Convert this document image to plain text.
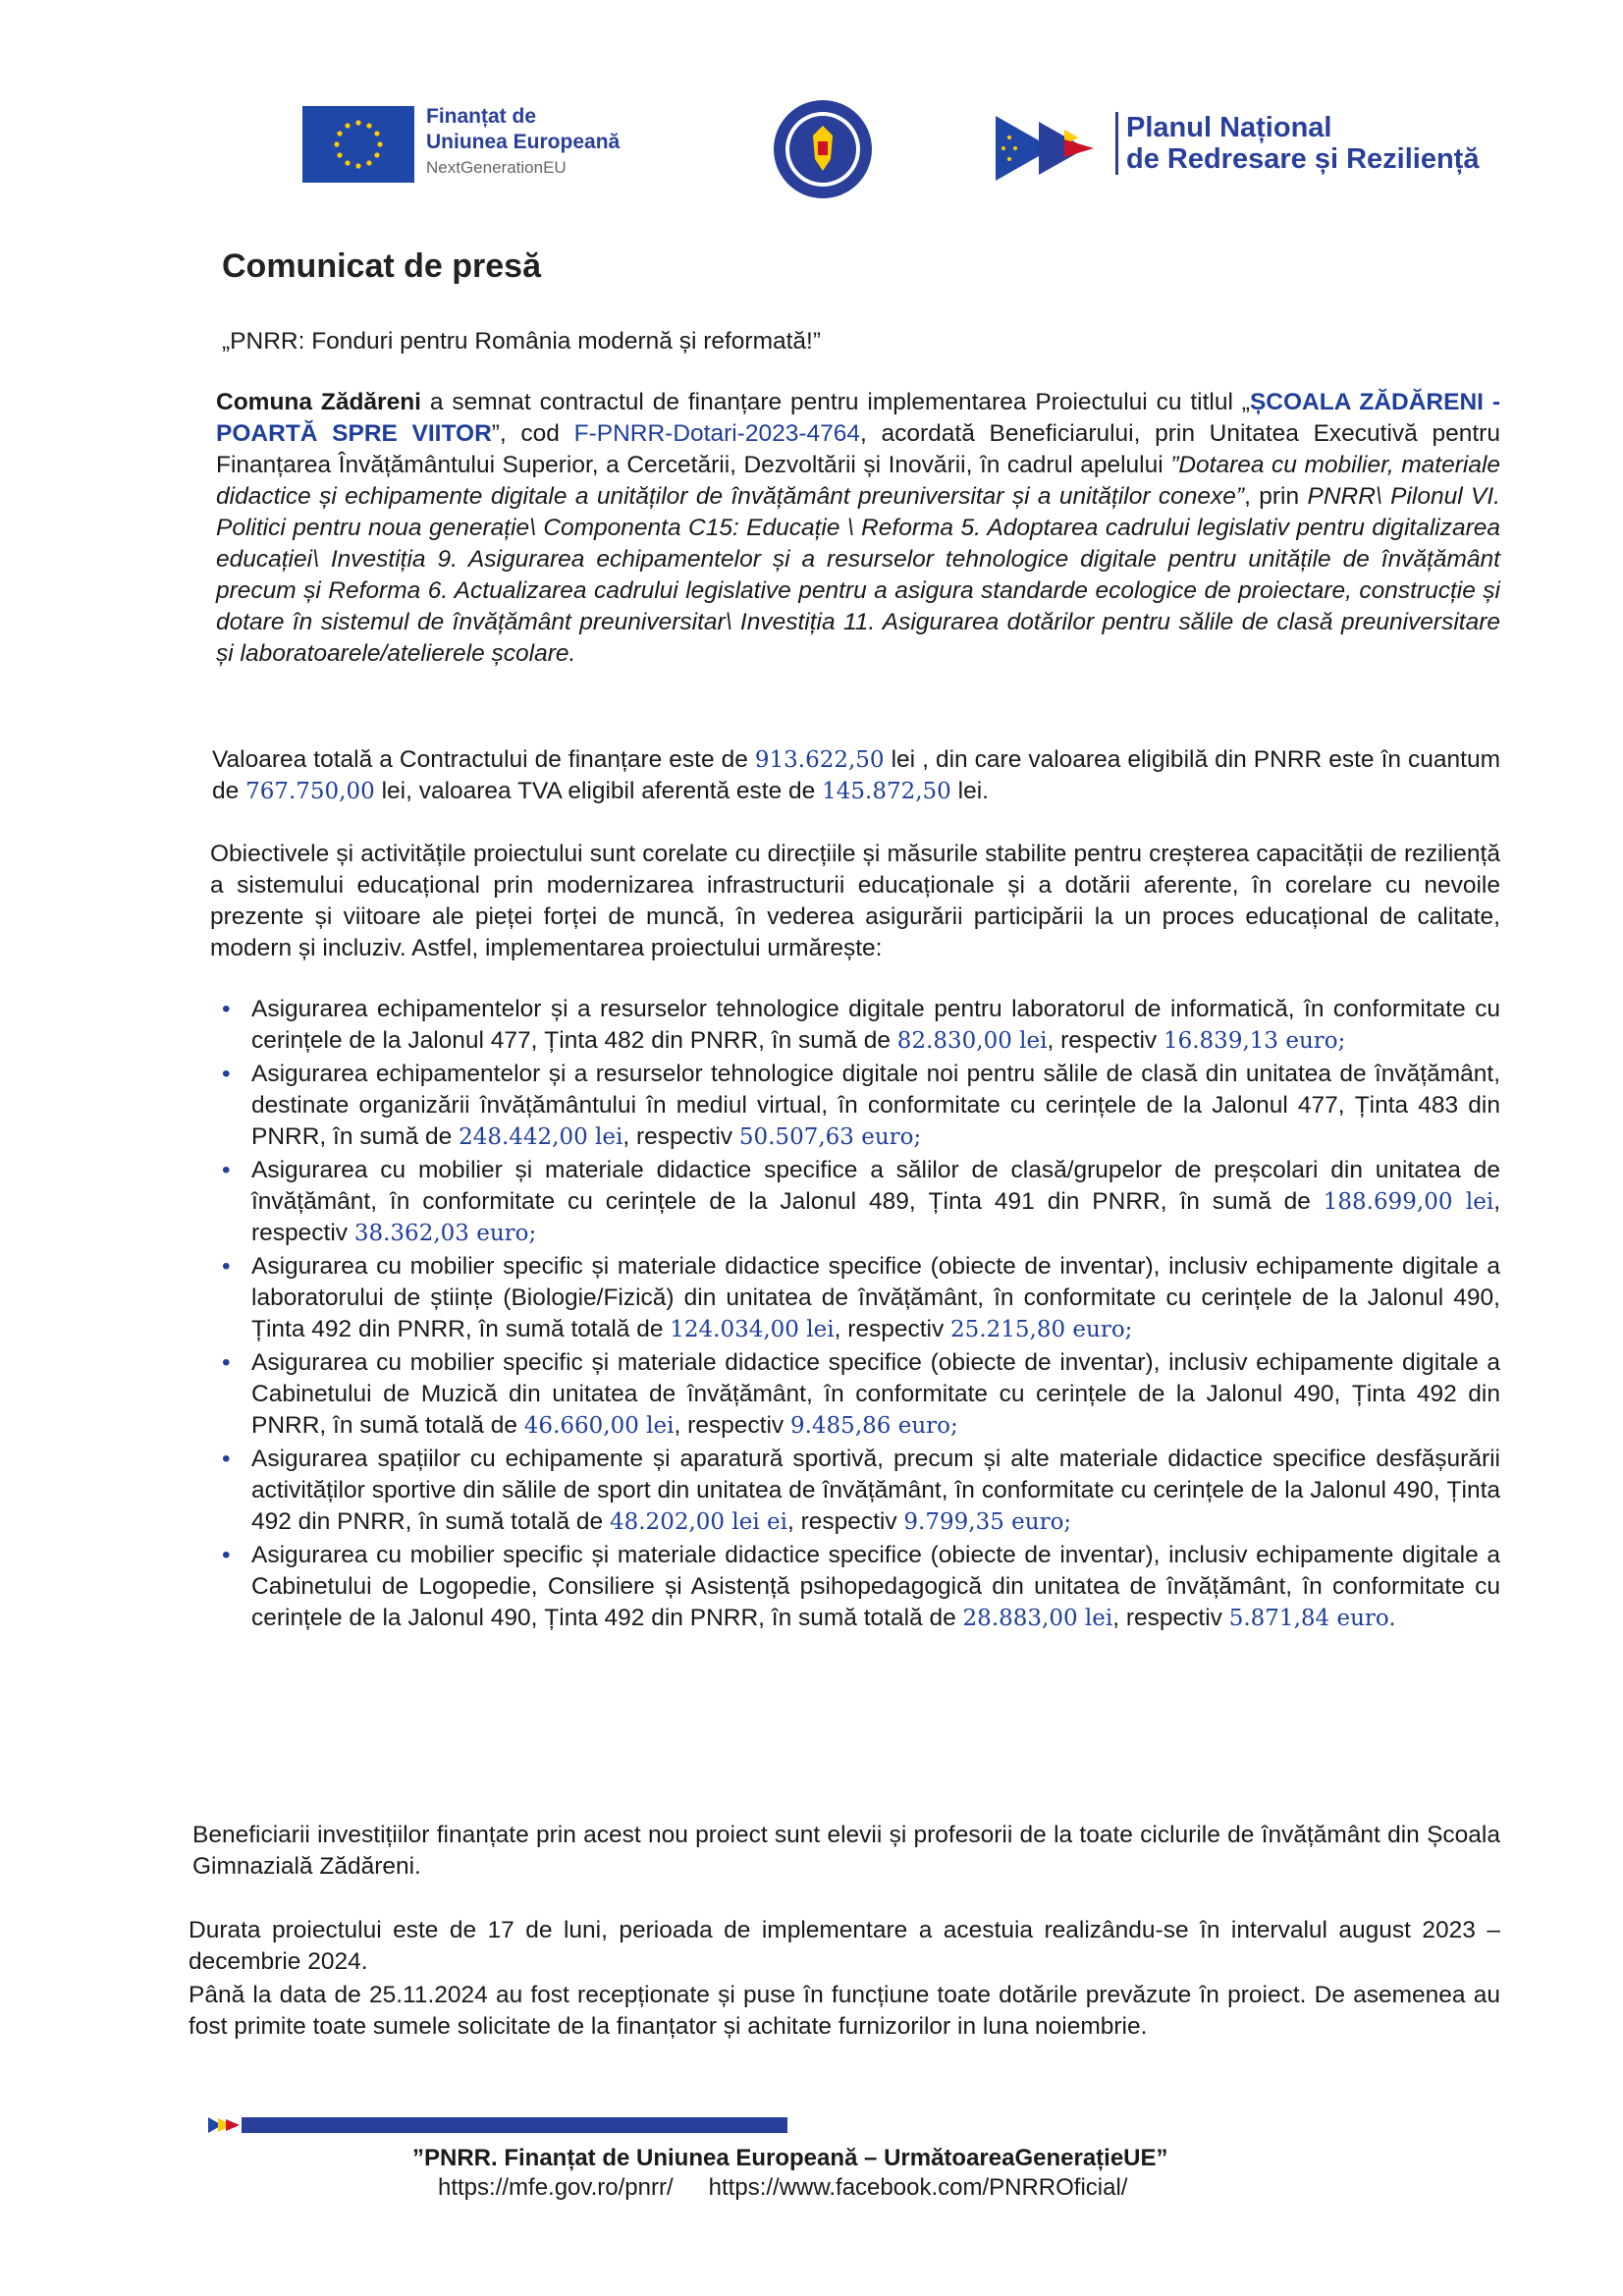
Finanțat de
Uniunea Europeană
NextGenerationEU
Planul Național
de Redresare și Reziliență
Comunicat de presă
„PNRR: Fonduri pentru România modernă și reformată!”
Comuna Zădăreni a semnat contractul de finanțare pentru implementarea Proiectului cu titlul „ȘCOALA ZĂDĂRENI - POARTĂ SPRE VIITOR”, cod F-PNRR-Dotari-2023-4764, acordată Beneficiarului, prin Unitatea Executivă pentru Finanțarea Învățământului Superior, a Cercetării, Dezvoltării și Inovării, în cadrul apelului ”Dotarea cu mobilier, materiale didactice și echipamente digitale a unităților de învățământ preuniversitar și a unităților conexe”, prin PNRR\ Pilonul VI. Politici pentru noua generație\ Componenta C15: Educație \ Reforma 5. Adoptarea cadrului legislativ pentru digitalizarea educației\ Investiția 9. Asigurarea echipamentelor și a resurselor tehnologice digitale pentru unitățile de învățământ precum și Reforma 6. Actualizarea cadrului legislative pentru a asigura standarde ecologice de proiectare, construcție și dotare în sistemul de învățământ preuniversitar\ Investiția 11. Asigurarea dotărilor pentru sălile de clasă preuniversitare și laboratoarele/atelierele școlare.
Valoarea totală a Contractului de finanțare este de 913.622,50 lei , din care valoarea eligibilă din PNRR este în cuantum de 767.750,00 lei, valoarea TVA eligibil aferentă este de 145.872,50 lei.
Obiectivele și activitățile proiectului sunt corelate cu direcțiile și măsurile stabilite pentru creșterea capacității de reziliență a sistemului educațional prin modernizarea infrastructurii educaționale și a dotării aferente, în corelare cu nevoile prezente și viitoare ale pieței forței de muncă, în vederea asigurării participării la un proces educațional de calitate, modern și incluziv. Astfel, implementarea proiectului urmărește:
• Asigurarea echipamentelor și a resurselor tehnologice digitale pentru laboratorul de informatică, în conformitate cu cerințele de la Jalonul 477, Ținta 482 din PNRR, în sumă de 82.830,00 lei, respectiv 16.839,13 euro;
• Asigurarea echipamentelor și a resurselor tehnologice digitale noi pentru sălile de clasă din unitatea de învățământ, destinate organizării învățământului în mediul virtual, în conformitate cu cerințele de la Jalonul 477, Ținta 483 din PNRR, în sumă de 248.442,00 lei, respectiv 50.507,63 euro;
• Asigurarea cu mobilier și materiale didactice specifice a sălilor de clasă/grupelor de preșcolari din unitatea de învățământ, în conformitate cu cerințele de la Jalonul 489, Ținta 491 din PNRR, în sumă de 188.699,00 lei, respectiv 38.362,03 euro;
• Asigurarea cu mobilier specific și materiale didactice specifice (obiecte de inventar), inclusiv echipamente digitale a laboratorului de științe (Biologie/Fizică) din unitatea de învățământ, în conformitate cu cerințele de la Jalonul 490, Ținta 492 din PNRR, în sumă totală de 124.034,00 lei, respectiv 25.215,80 euro;
• Asigurarea cu mobilier specific și materiale didactice specifice (obiecte de inventar), inclusiv echipamente digitale a Cabinetului de Muzică din unitatea de învățământ, în conformitate cu cerințele de la Jalonul 490, Ținta 492 din PNRR, în sumă totală de 46.660,00 lei, respectiv 9.485,86 euro;
• Asigurarea spațiilor cu echipamente și aparatură sportivă, precum și alte materiale didactice specifice desfășurării activităților sportive din sălile de sport din unitatea de învățământ, în conformitate cu cerințele de la Jalonul 490, Ținta 492 din PNRR, în sumă totală de 48.202,00 lei ei, respectiv 9.799,35 euro;
• Asigurarea cu mobilier specific și materiale didactice specifice (obiecte de inventar), inclusiv echipamente digitale a Cabinetului de Logopedie, Consiliere și Asistență psihopedagogică din unitatea de învățământ, în conformitate cu cerințele de la Jalonul 490, Ținta 492 din PNRR, în sumă totală de 28.883,00 lei, respectiv 5.871,84 euro.
Beneficiarii investițiilor finanțate prin acest nou proiect sunt elevii și profesorii de la toate ciclurile de învățământ din Școala Gimnazială Zădăreni.
Durata proiectului este de 17 de luni, perioada de implementare a acestuia realizându-se în intervalul august 2023 – decembrie 2024.
Până la data de 25.11.2024 au fost recepționate și puse în funcțiune toate dotările prevăzute în proiect. De asemenea au fost primite toate sumele solicitate de la finanțator și achitate furnizorilor in luna noiembrie.
”PNRR. Finanțat de Uniunea Europeană – UrmătoareaGenerațieUE”
https://mfe.gov.ro/pnrr/ https://www.facebook.com/PNRROficial/
